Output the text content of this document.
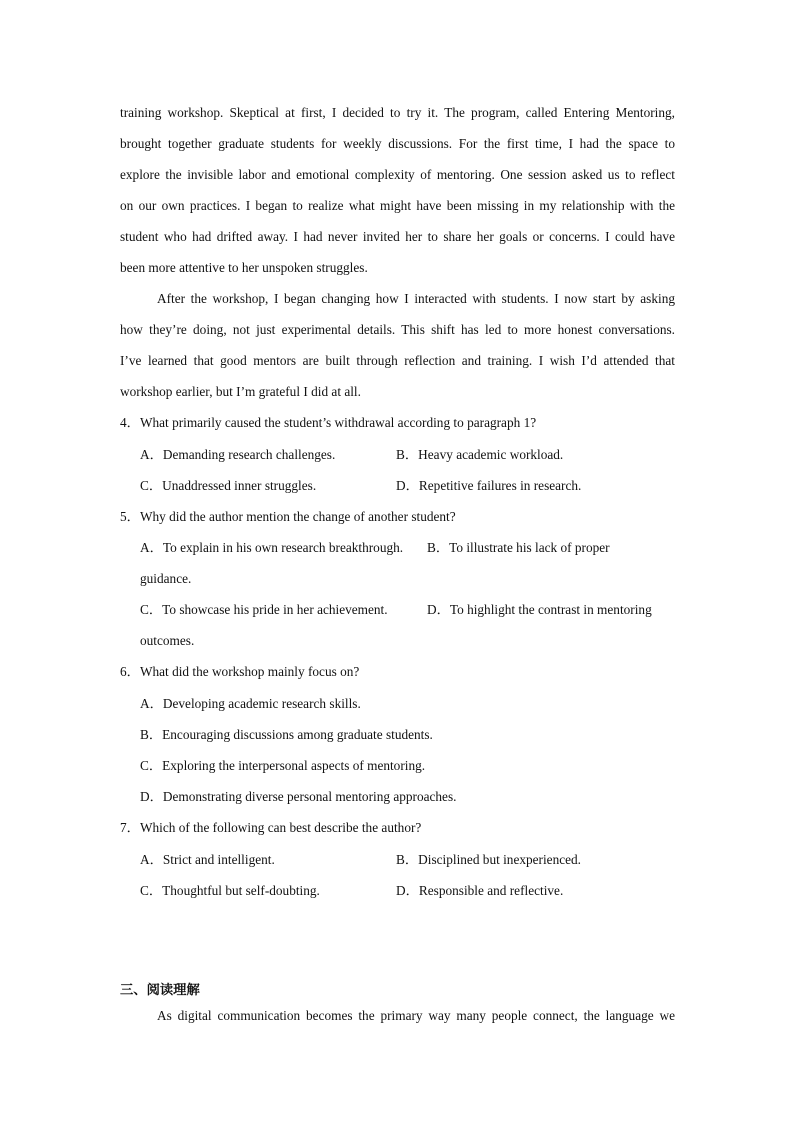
training workshop. Skeptical at first, I decided to try it. The program, called Entering Mentoring,
brought together graduate students for weekly discussions. For the first time, I had the space to
explore the invisible labor and emotional complexity of mentoring. One session asked us to reflect
on our own practices. I began to realize what might have been missing in my relationship with the
student who had drifted away. I had never invited her to share her goals or concerns. I could have
been more attentive to her unspoken struggles.
After the workshop, I began changing how I interacted with students. I now start by asking
how they’re doing, not just experimental details. This shift has led to more honest conversations.
I’ve learned that good mentors are built through reflection and training. I wish I’d attended that
workshop earlier, but I’m grateful I did at all.
4．What primarily caused the student’s withdrawal according to paragraph 1?
A．Demanding research challenges.	B．Heavy academic workload.
C．Unaddressed inner struggles.	D．Repetitive failures in research.
5．Why did the author mention the change of another student?
A．To explain in his own research breakthrough. B．To illustrate his lack of proper
guidance.
C．To showcase his pride in her achievement.	D．To highlight the contrast in mentoring
outcomes.
6．What did the workshop mainly focus on?
A．Developing academic research skills.
B．Encouraging discussions among graduate students.
C．Exploring the interpersonal aspects of mentoring.
D．Demonstrating diverse personal mentoring approaches.
7．Which of the following can best describe the author?
A．Strict and intelligent.	B．Disciplined but inexperienced.
C．Thoughtful but self-doubting.	D．Responsible and reflective.
三、阅读理解
As digital communication becomes the primary way many people connect, the language we
